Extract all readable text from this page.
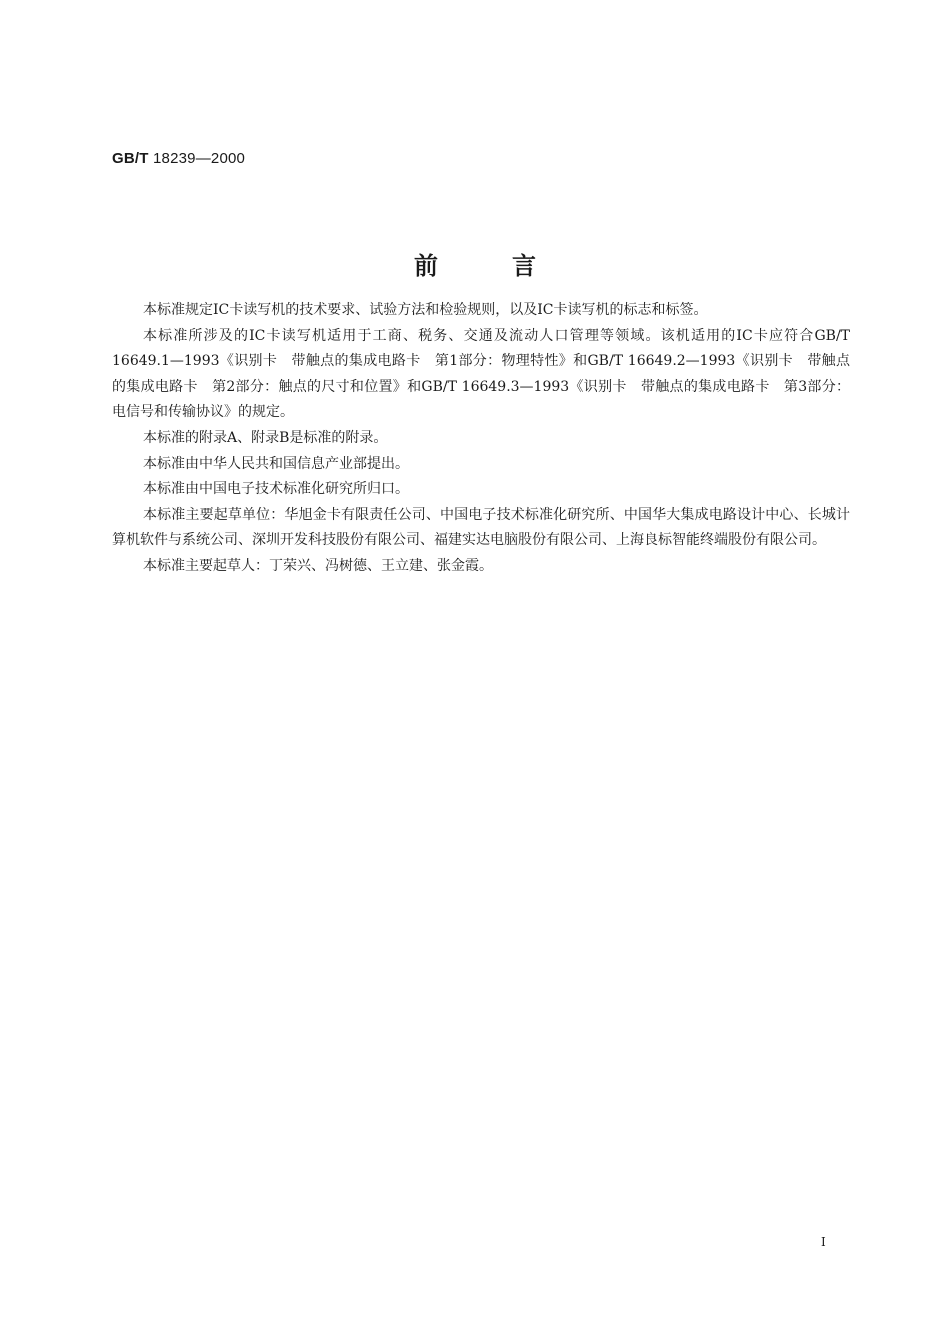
GB/T 18239—2000
前言

本标准规定IC卡读写机的技术要求、试验方法和检验规则，以及IC卡读写机的标志和标签。

本标准所涉及的IC卡读写机适用于工商、税务、交通及流动人口管理等领域。该机适用的IC卡应符合GB/T 16649.1—1993《识别卡　带触点的集成电路卡　第1部分：物理特性》和GB/T 16649.2—1993《识别卡　带触点的集成电路卡　第2部分：触点的尺寸和位置》和GB/T 16649.3—1993《识别卡　带触点的集成电路卡　第3部分：电信号和传输协议》的规定。

本标准的附录A、附录B是标准的附录。

本标准由中华人民共和国信息产业部提出。

本标准由中国电子技术标准化研究所归口。

本标准主要起草单位：华旭金卡有限责任公司、中国电子技术标准化研究所、中国华大集成电路设计中心、长城计算机软件与系统公司、深圳开发科技股份有限公司、福建实达电脑股份有限公司、上海良标智能终端股份有限公司。

本标准主要起草人：丁荣兴、冯树德、王立建、张金霞。

I
